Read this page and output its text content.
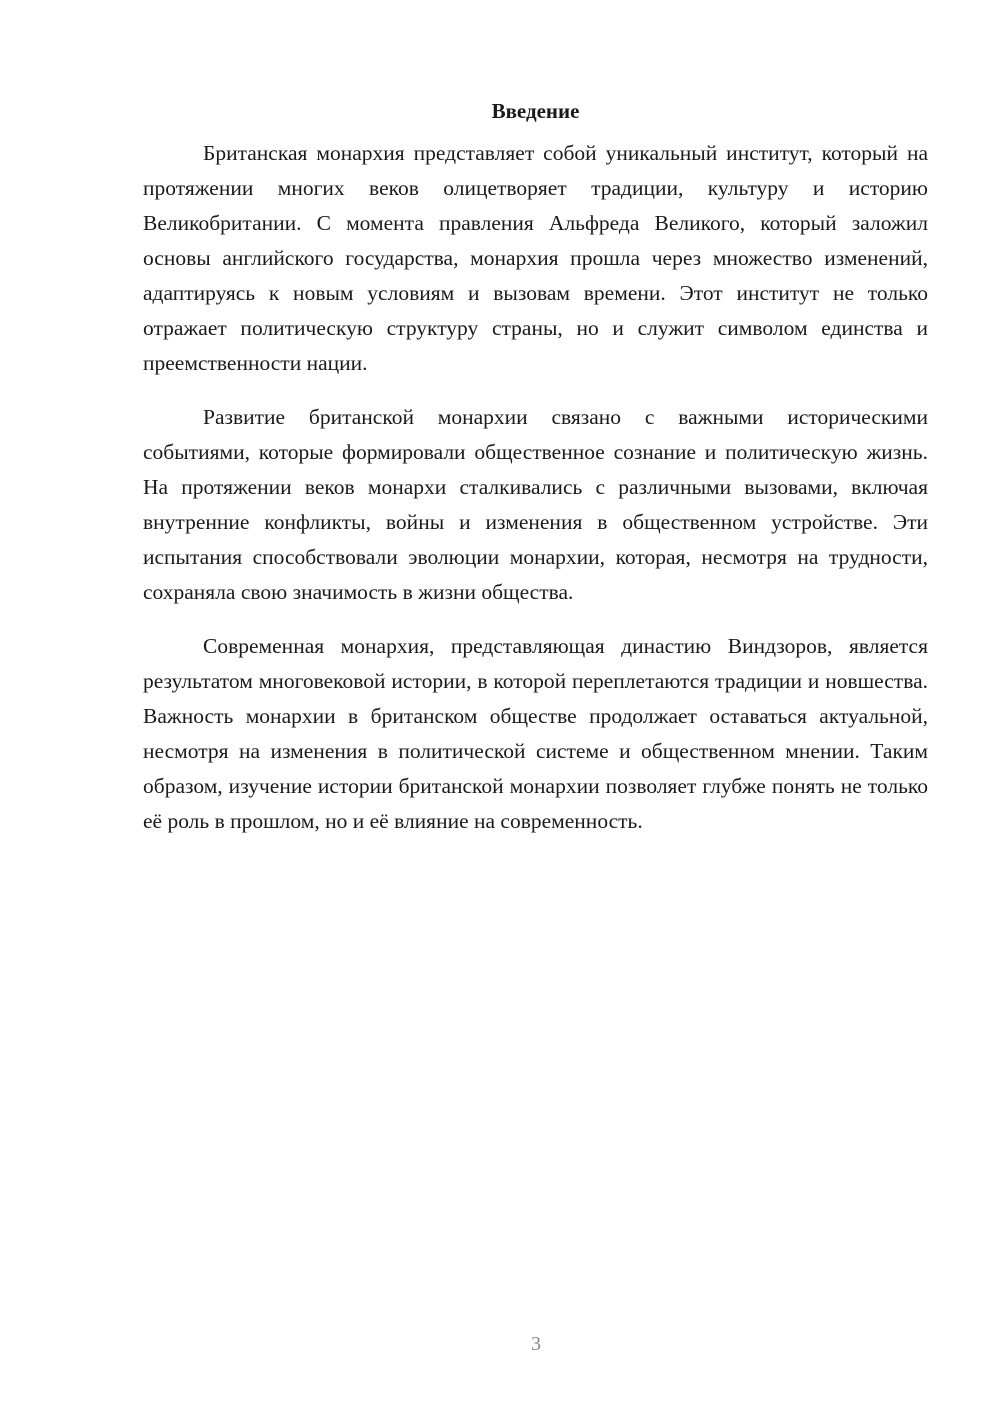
Введение

Британская монархия представляет собой уникальный институт, который на протяжении многих веков олицетворяет традиции, культуру и историю Великобритании. С момента правления Альфреда Великого, который заложил основы английского государства, монархия прошла через множество изменений, адаптируясь к новым условиям и вызовам времени. Этот институт не только отражает политическую структуру страны, но и служит символом единства и преемственности нации.

Развитие британской монархии связано с важными историческими событиями, которые формировали общественное сознание и политическую жизнь. На протяжении веков монархи сталкивались с различными вызовами, включая внутренние конфликты, войны и изменения в общественном устройстве. Эти испытания способствовали эволюции монархии, которая, несмотря на трудности, сохраняла свою значимость в жизни общества.

Современная монархия, представляющая династию Виндзоров, является результатом многовековой истории, в которой переплетаются традиции и новшества. Важность монархии в британском обществе продолжает оставаться актуальной, несмотря на изменения в политической системе и общественном мнении. Таким образом, изучение истории британской монархии позволяет глубже понять не только её роль в прошлом, но и её влияние на современность.

3
